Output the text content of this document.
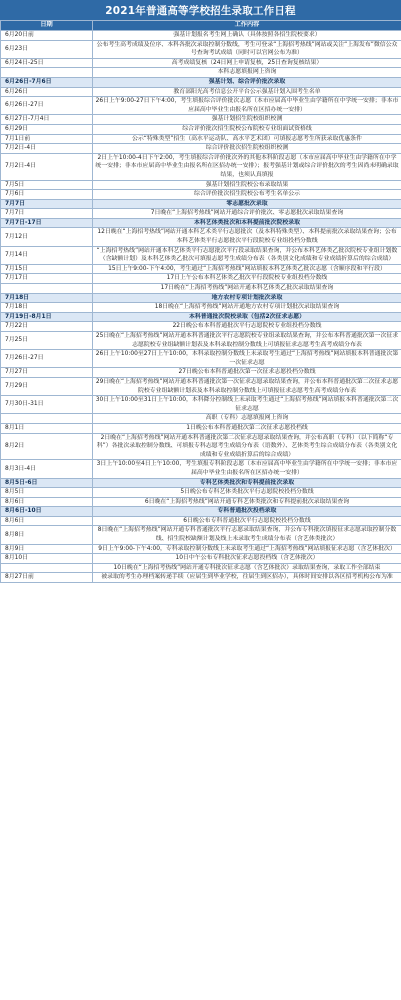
2021年普通高等学校招生录取工作日程
日期	工作内容
6月20日前	强基计划报名考生网上确认（具体按照各招生院校要求）
6月23日	公布考生高考成绩及位序、本科各批次录取控制分数线，考生可登录“上海招考热线”网站或关注“上海发布”微信公众号查询考试成绩（同时可以官网公布为准）
6月24日-25日	高考成绩复核（24日网上申请复核，25日查询复核结果）
	本科志愿填报网上咨询
6月26日-7月6日	强基计划、综合评价批次录取
6月26日	教育部阳光高考信息公开平台公示强基计划入围考生名单
6月26日-27日	26日上午9:00-27日下午4:00，考生填报综合评价批次志愿（本市应届高中毕业生由学籍所在中学统一安排；非本市应届高中毕业生由报名所在区招办统一安排）
6月27日-7月4日	强基计划招生院校组织校测
6月29日	综合评价批次招生院校公布院校专业组面试资格线
7月1日前	公示“特殊类型”招生（高水平运动队、高水平艺术团）可填报志愿考生所获录取优惠条件
7月2日-4日	综合评价批次招生院校组织校测
7月2日-4日	2日上午10:00-4日下午2:00，考生填报综合评价批次外的其他本科阶段志愿（本市应届高中毕业生由学籍所在中学统一安排；非本市应届高中毕业生由报名所在区招办统一安排）；报考强基计划或综合评价批次的考生因尚未明确录取结果，也须认真填报
7月5日	强基计划招生院校公布录取结果
7月6日	综合评价批次招生院校公布考生名单公示
7月7日	零志愿批次录取
7月7日	7日晚在“上海招考热线”网站开通综合评价批次、零志愿批次录取结果查询
7月7日-17日	本科艺体类批次和本科提前批次院校录取
7月12日	12日晚在“上海招考热线”网站开通本科艺术类平行志愿批次（及本科特殊类型）、本科提前批次录取结果查询；公布本科艺体类平行志愿批次平行段院校专业组投档分数线
7月14日	“上海招考热线”网站开通本科艺体类平行志愿批次平行段录取结果查询，并公布本科艺体类乙批次院校专业组计划数（含缺额计划）及本科艺体类乙批次可填报志愿考生成绩分布表（各类别文化成绩和专业成绩折算后的综合成绩）
7月15日	15日上午9:00-下午4:00，考生通过“上海招考热线”网站填报本科艺体类乙批次志愿（含顺序段和平行段）
7月17日	17日上午公布本科艺体类乙批次平行段院校专业组投档分数线
	17日晚在“上海招考热线”网站开通本科艺体类乙批次录取结果查询
7月18日	地方农村专项计划批次录取
7月18日	18日晚在“上海招考热线”网站开通地方农村专项计划批次录取结果查询
7月19日-8月1日	本科普通批次院校录取（包括2次征求志愿）
7月22日	22日晚公布本科普通批次平行志愿院校专业组投档分数线
7月25日	25日晚在“上海招考热线”网站开通本科普通批次平行志愿院校专业组录取结果查询，并公布本科普通批次第一次征求志愿院校专业组缺额计划表及本科录取控制分数线上可填报征求志愿考生高考成绩分布表
7月26日-27日	26日上午10:00至27日上午10:00，本科录取控制分数线上未录取考生通过“上海招考热线”网站填报本科普通批次第一次征求志愿
7月27日	27日晚公布本科普通批次第一次征求志愿投档分数线
7月29日	29日晚在“上海招考热线”网站开通本科普通批次第一次征求志愿录取结果查询，并公布本科普通批次第二次征求志愿院校专业组缺额计划表及本科录取控制分数线上可填报征求志愿考生高考成绩分布表
7月30日-31日	30日上午10:00至31日上午10:00，本科降分控制线上未录取考生通过“上海招考热线”网站填报本科普通批次第二次征求志愿
	高职（专科）志愿填报网上咨询
8月1日	1日晚公布本科普通批次第二次征求志愿投档线
8月2日	2日晚在“上海招考热线”网站开通本科普通批次第二次征求志愿录取结果查询，并公布高职（专科）（以下简称“专科”）各批次录取控制分数线、可填报专科志愿考生成绩分布表（语数外）、艺体类考生综合成绩分布表（各类别文化成绩和专业成绩折算后的综合成绩）
8月3日-4日	3日上午10:00至4日上午10:00，考生填报专科阶段志愿（本市应届高中毕业生由学籍所在中学统一安排；非本市应届高中毕业生由报名所在区招办统一安排）
8月5日-6日	专科艺体类批次和专科提前批次录取
8月5日	5日晚公布专科艺体类批次平行志愿院校投档分数线
8月6日	6日晚在“上海招考热线”网站开通专科艺体类批次和专科提前批次录取结果查询
8月6日-10日	专科普通批次投档录取
8月6日	6日晚公布专科普通批次平行志愿院校投档分数线
8月8日	8日晚在“上海招考热线”网站开通专科普通批次平行志愿录取结果查询，并公布专科批次填报征求志愿录取控制分数线、招生院校缺额计划及线上未录取考生成绩分布表（含艺体类批次）
8月9日	9日上午9:00-下午4:00，专科录取控制分数线上未录取考生通过“上海招考热线”网站填报征求志愿（含艺体批次）
8月10日	10日中午公布专科批次征求志愿投档线（含艺体批次）
	10日晚在“上海招考热线”网站开通专科批次征求志愿（含艺体批次）录取结果查询，录取工作全部结束
8月27日前	被录取的考生办理档案转递手续（应届生到毕业学校，往届生到区招办），具体时间安排以各区招考机构公布为准
